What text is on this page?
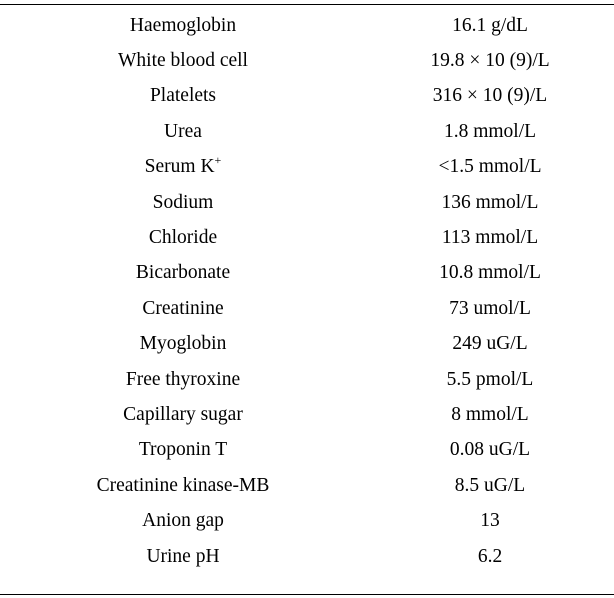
Haemoglobin	16.1 g/dL
White blood cell	19.8 × 10 (9)/L
Platelets	316 × 10 (9)/L
Urea	1.8 mmol/L
Serum K+	<1.5 mmol/L
Sodium	136 mmol/L
Chloride	113 mmol/L
Bicarbonate	10.8 mmol/L
Creatinine	73 umol/L
Myoglobin	249 uG/L
Free thyroxine	5.5 pmol/L
Capillary sugar	8 mmol/L
Troponin T	0.08 uG/L
Creatinine kinase-MB	8.5 uG/L
Anion gap	13
Urine pH	6.2
